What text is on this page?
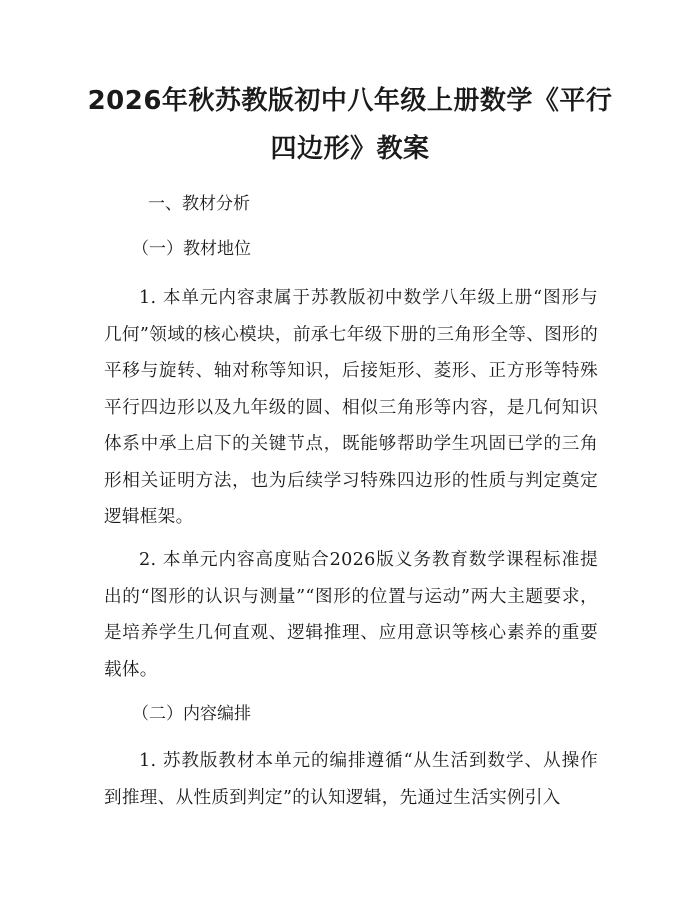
2026年秋苏教版初中八年级上册数学《平行
四边形》教案
一、教材分析
（一）教材地位
1. 本单元内容隶属于苏教版初中数学八年级上册“图形与几何”领域的核心模块，前承七年级下册的三角形全等、图形的平移与旋转、轴对称等知识，后接矩形、菱形、正方形等特殊平行四边形以及九年级的圆、相似三角形等内容，是几何知识体系中承上启下的关键节点，既能够帮助学生巩固已学的三角形相关证明方法，也为后续学习特殊四边形的性质与判定奠定逻辑框架。
2. 本单元内容高度贴合2026版义务教育数学课程标准提出的“图形的认识与测量”“图形的位置与运动”两大主题要求，是培养学生几何直观、逻辑推理、应用意识等核心素养的重要载体。
（二）内容编排
1. 苏教版教材本单元的编排遵循“从生活到数学、从操作到推理、从性质到判定”的认知逻辑，先通过生活实例引入
